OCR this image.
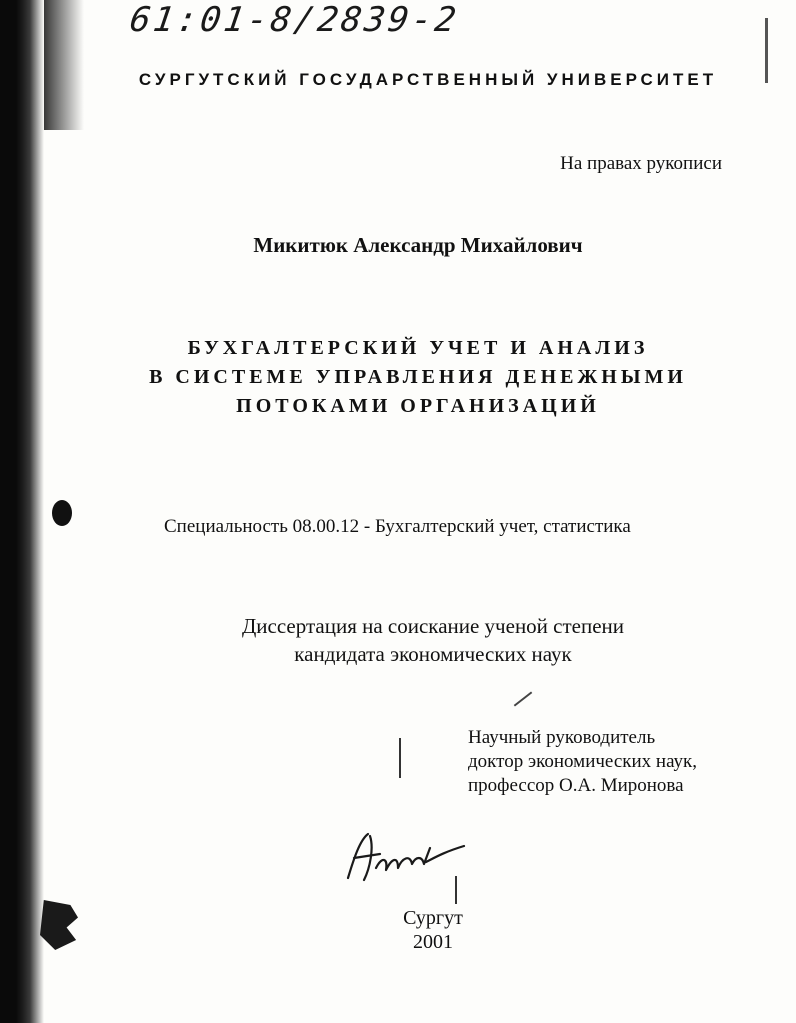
61:01-8/2839-2
СУРГУТСКИЙ ГОСУДАРСТВЕННЫЙ УНИВЕРСИТЕТ
На правах рукописи
Микитюк Александр Михайлович
БУХГАЛТЕРСКИЙ УЧЕТ И АНАЛИЗ
В СИСТЕМЕ УПРАВЛЕНИЯ ДЕНЕЖНЫМИ
ПОТОКАМИ ОРГАНИЗАЦИЙ
Специальность 08.00.12 - Бухгалтерский учет, статистика
Диссертация на соискание ученой степени
кандидата экономических наук
Научный руководитель
доктор экономических наук,
профессор О.А. Миронова
Сургут
2001
